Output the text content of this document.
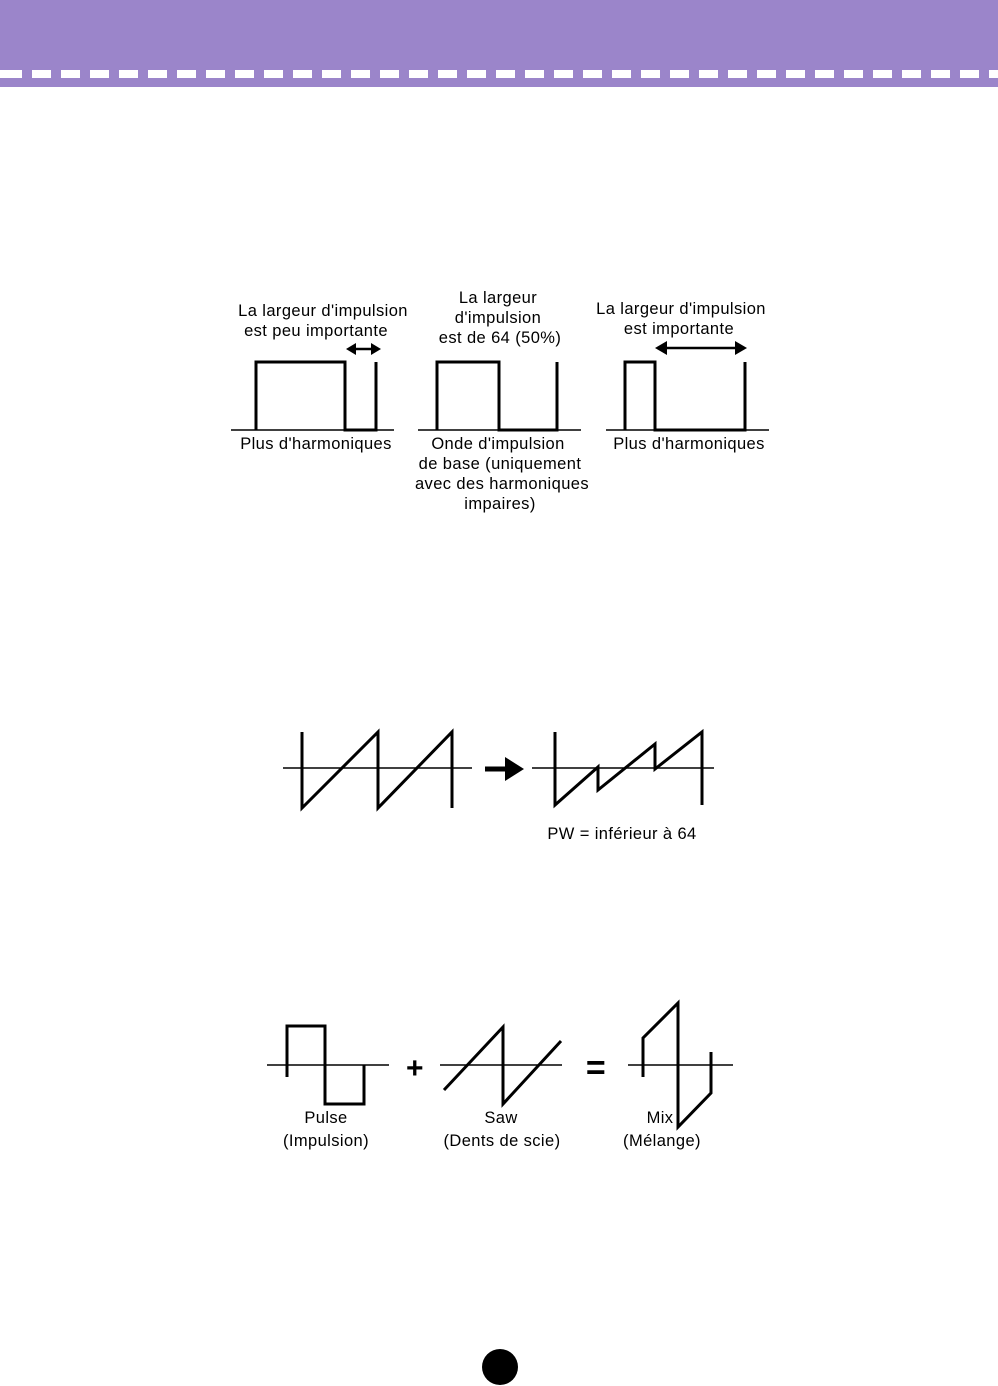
La largeur d'impulsion
est peu importante
Plus d'harmoniques
La largeur
d'impulsion
est de 64 (50%)
Onde d'impulsion
de base (uniquement
avec des harmoniques
impaires)
La largeur d'impulsion
est importante
Plus d'harmoniques
PW = inférieur à 64
Pulse
(Impulsion)
+
Saw
(Dents de scie)
=
Mix
(Mélange)
